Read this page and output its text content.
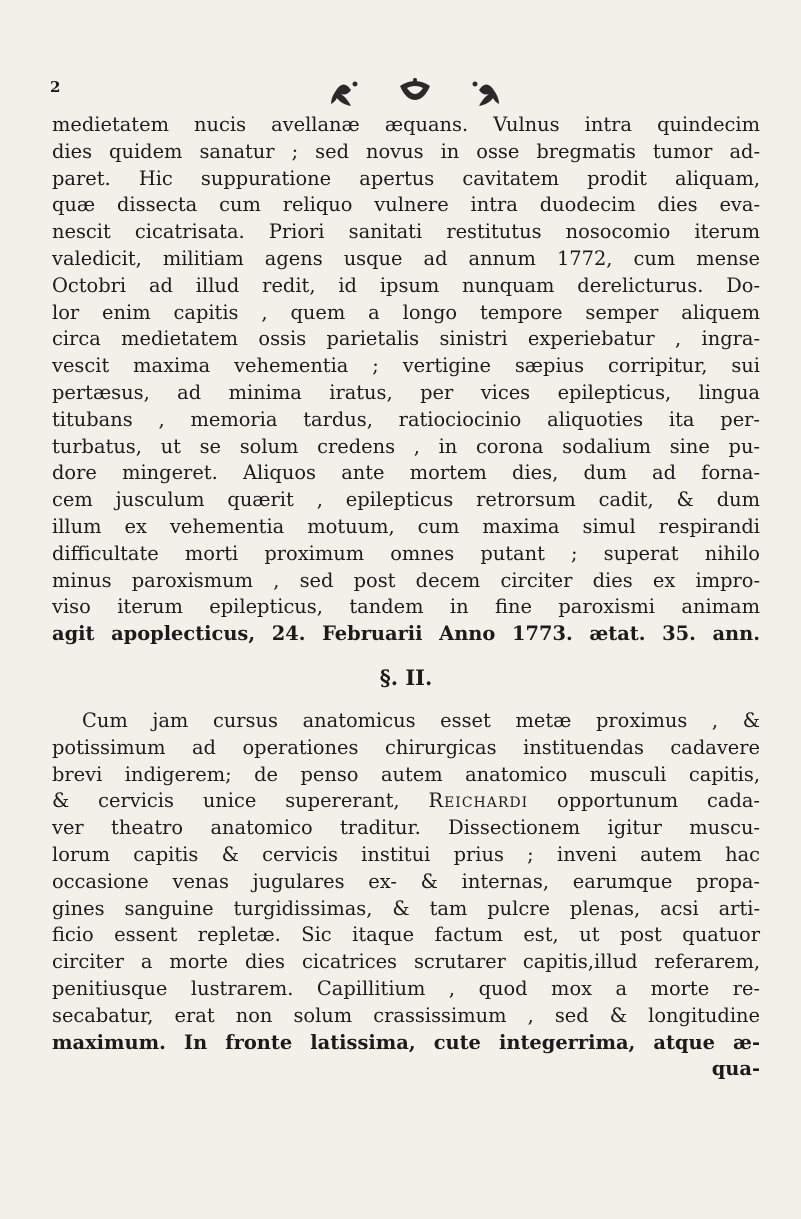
2
medietatem nucis avellanæ æquans. Vulnus intra quindecim
dies quidem sanatur ; sed novus in osse bregmatis tumor ad-
paret. Hic suppuratione apertus cavitatem prodit aliquam,
quæ dissecta cum reliquo vulnere intra duodecim dies eva-
nescit cicatrisata. Priori sanitati restitutus nosocomio iterum
valedicit, militiam agens usque ad annum 1772, cum mense
Octobri ad illud redit, id ipsum nunquam derelicturus. Do-
lor enim capitis , quem a longo tempore semper aliquem
circa medietatem ossis parietalis sinistri experiebatur , ingra-
vescit maxima vehementia ; vertigine sæpius corripitur, sui
pertæsus, ad minima iratus, per vices epilepticus, lingua
titubans , memoria tardus, ratiociocinio aliquoties ita per-
turbatus, ut se solum credens , in corona sodalium sine pu-
dore mingeret. Aliquos ante mortem dies, dum ad forna-
cem jusculum quærit , epilepticus retrorsum cadit, & dum
illum ex vehementia motuum, cum maxima simul respirandi
difficultate morti proximum omnes putant ; superat nihilo
minus paroxismum , sed post decem circiter dies ex impro-
viso iterum epilepticus, tandem in fine paroxismi animam
agit apoplecticus, 24. Februarii Anno 1773. ætat. 35. ann.
§. II.
Cum jam cursus anatomicus esset metæ proximus , &
potissimum ad operationes chirurgicas instituendas cadavere
brevi indigerem; de penso autem anatomico musculi capitis,
& cervicis unice supererant, Reichardi opportunum cada-
ver theatro anatomico traditur. Dissectionem igitur muscu-
lorum capitis & cervicis institui prius ; inveni autem hac
occasione venas jugulares ex- & internas, earumque propa-
gines sanguine turgidissimas, & tam pulcre plenas, acsi arti-
ficio essent repletæ. Sic itaque factum est, ut post quatuor
circiter a morte dies cicatrices scrutarer capitis,illud referarem,
penitiusque lustrarem. Capillitium , quod mox a morte re-
secabatur, erat non solum crassissimum , sed & longitudine
maximum. In fronte latissima, cute integerrima, atque æ-
qua-
